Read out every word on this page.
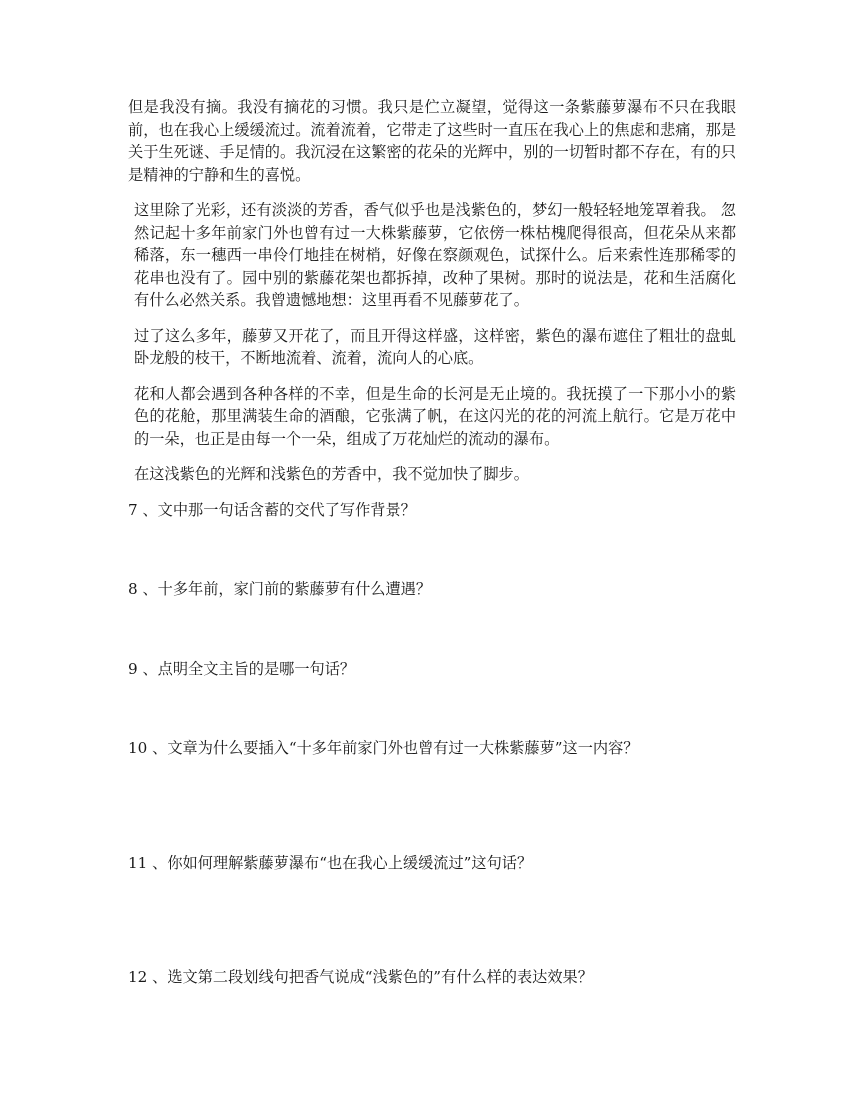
但是我没有摘。我没有摘花的习惯。我只是伫立凝望，觉得这一条紫藤萝瀑布不只在我眼前，也在我心上缓缓流过。流着流着，它带走了这些时一直压在我心上的焦虑和悲痛，那是关于生死谜、手足情的。我沉浸在这繁密的花朵的光辉中，别的一切暂时都不存在，有的只是精神的宁静和生的喜悦。

这里除了光彩，还有淡淡的芳香，香气似乎也是浅紫色的，梦幻一般轻轻地笼罩着我。 忽然记起十多年前家门外也曾有过一大株紫藤萝，它依傍一株枯槐爬得很高，但花朵从来都稀落，东一穗西一串伶仃地挂在树梢，好像在察颜观色，试探什么。后来索性连那稀零的花串也没有了。园中别的紫藤花架也都拆掉，改种了果树。那时的说法是，花和生活腐化有什么必然关系。我曾遗憾地想：这里再看不见藤萝花了。

过了这么多年，藤萝又开花了，而且开得这样盛，这样密，紫色的瀑布遮住了粗壮的盘虬卧龙般的枝干，不断地流着、流着，流向人的心底。

花和人都会遇到各种各样的不幸，但是生命的长河是无止境的。我抚摸了一下那小小的紫色的花舱，那里满装生命的酒酿，它张满了帆，在这闪光的花的河流上航行。它是万花中的一朵，也正是由每一个一朵，组成了万花灿烂的流动的瀑布。

在这浅紫色的光辉和浅紫色的芳香中，我不觉加快了脚步。

7 、文中那一句话含蓄的交代了写作背景？

8 、十多年前，家门前的紫藤萝有什么遭遇？

9 、点明全文主旨的是哪一句话？

10 、文章为什么要插入“十多年前家门外也曾有过一大株紫藤萝”这一内容？

11 、你如何理解紫藤萝瀑布“也在我心上缓缓流过”这句话？

12 、选文第二段划线句把香气说成“浅紫色的”有什么样的表达效果？
